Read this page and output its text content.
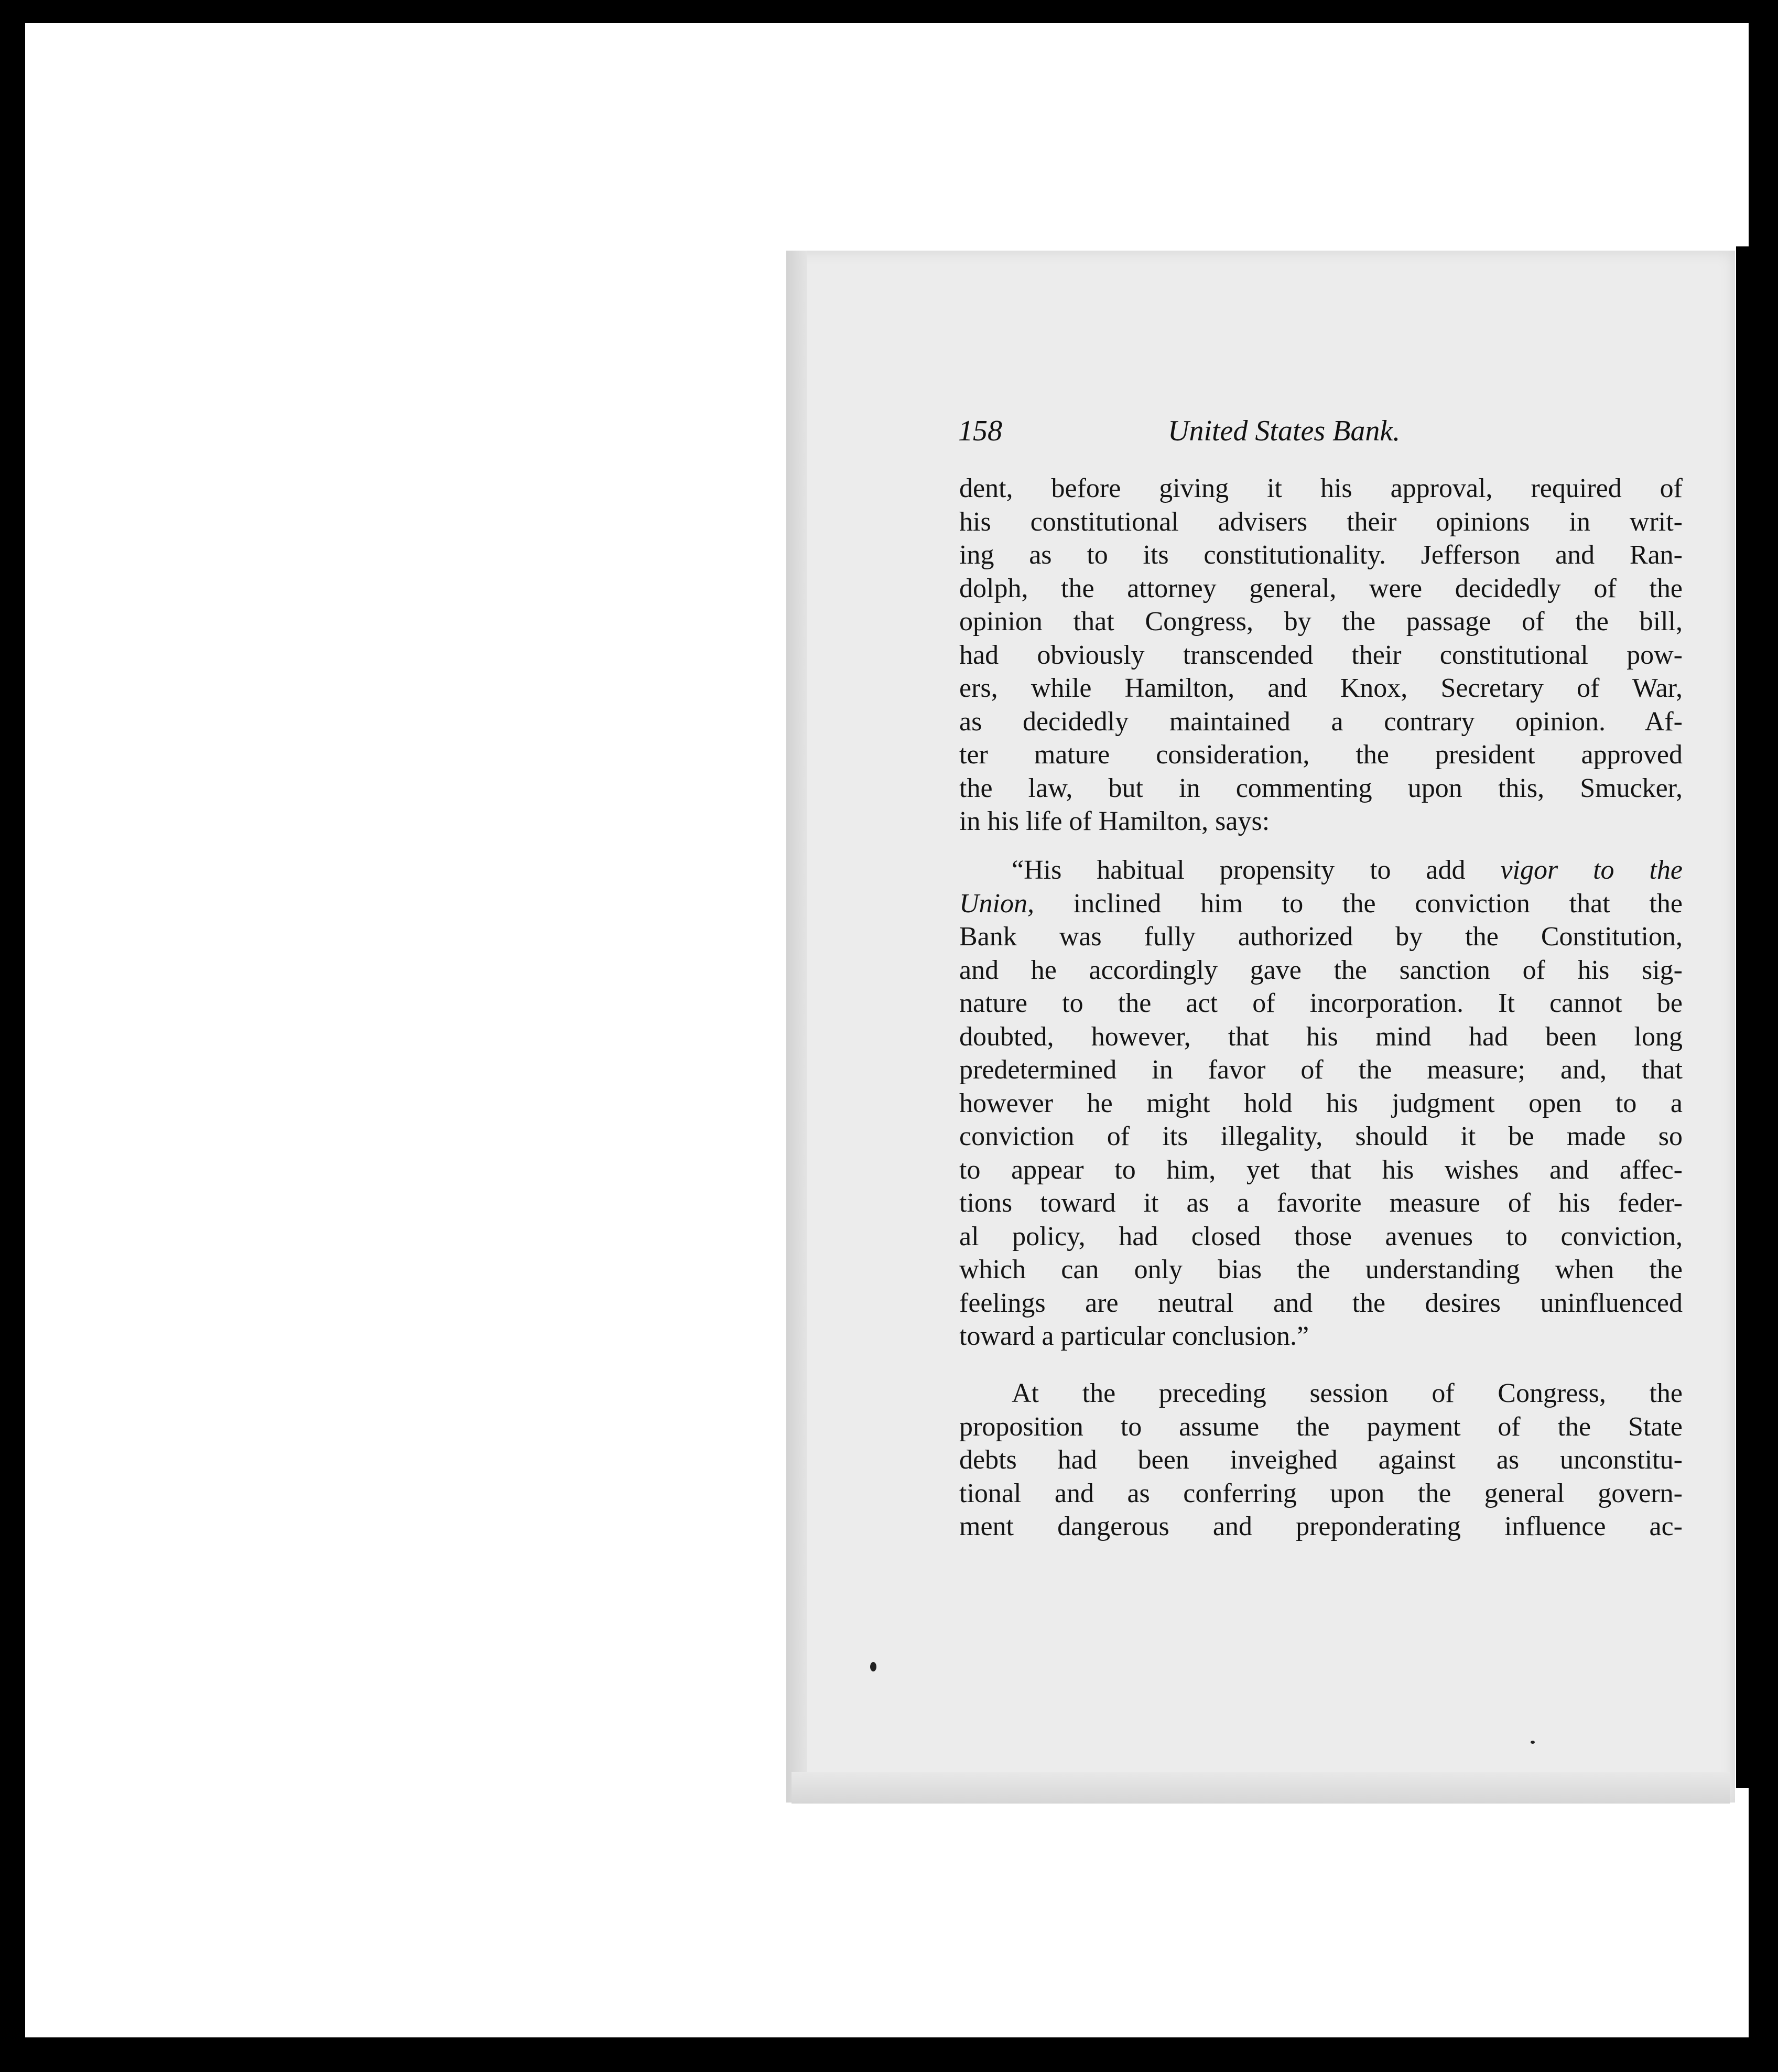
158	United States Bank.
dent, before giving it his approval, required of
his constitutional advisers their opinions in writ-
ing as to its constitutionality. Jefferson and Ran-
dolph, the attorney general, were decidedly of the
opinion that Congress, by the passage of the bill,
had obviously transcended their constitutional pow-
ers, while Hamilton, and Knox, Secretary of War,
as decidedly maintained a contrary opinion. Af-
ter mature consideration, the president approved
the law, but in commenting upon this, Smucker,
in his life of Hamilton, says:
“His habitual propensity to add vigor to the
Union, inclined him to the conviction that the
Bank was fully authorized by the Constitution,
and he accordingly gave the sanction of his sig-
nature to the act of incorporation. It cannot be
doubted, however, that his mind had been long
predetermined in favor of the measure; and, that
however he might hold his judgment open to a
conviction of its illegality, should it be made so
to appear to him, yet that his wishes and affec-
tions toward it as a favorite measure of his feder-
al policy, had closed those avenues to conviction,
which can only bias the understanding when the
feelings are neutral and the desires uninfluenced
toward a particular conclusion.”
At the preceding session of Congress, the
proposition to assume the payment of the State
debts had been inveighed against as unconstitu-
tional and as conferring upon the general govern-
ment dangerous and preponderating influence ac-
